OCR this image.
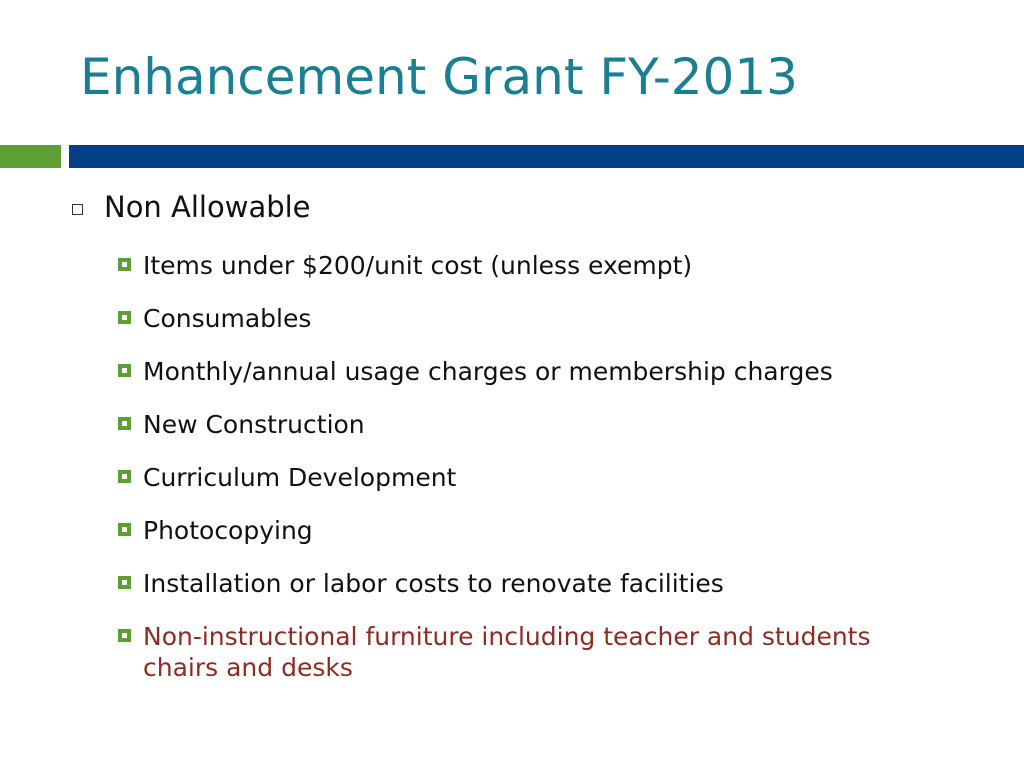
Enhancement Grant FY-2013
Non Allowable
Items under $200/unit cost (unless exempt)
Consumables
Monthly/annual usage charges or membership charges
New Construction
Curriculum Development
Photocopying
Installation or labor costs to renovate facilities
Non-instructional furniture including teacher and students chairs and desks
